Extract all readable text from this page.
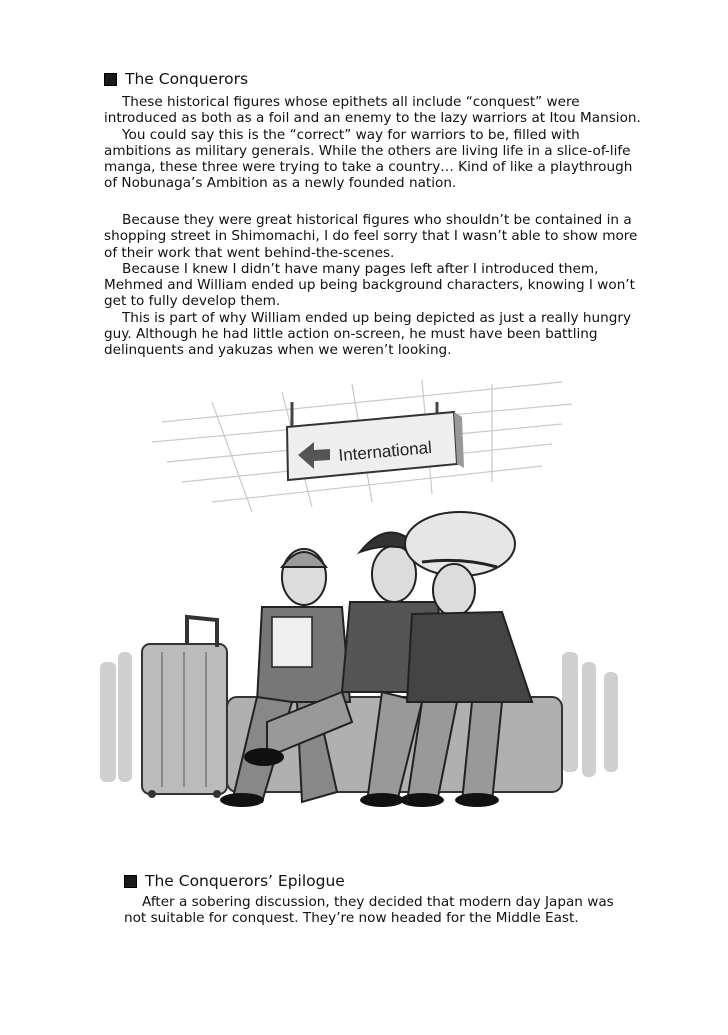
The Conquerors

These historical figures whose epithets all include “conquest” were

introduced as both as a foil and an enemy to the lazy warriors at Itou Mansion.

You could say this is the “correct” way for warriors to be, filled with

ambitions as military generals. While the others are living life in a slice-of-life

manga, these three were trying to take a country… Kind of like a playthrough

of Nobunaga’s Ambition as a newly founded nation.

Because they were great historical figures who shouldn’t be contained in a

shopping street in Shimomachi, I do feel sorry that I wasn’t able to show more

of their work that went behind-the-scenes.

Because I knew I didn’t have many pages left after I introduced them,

Mehmed and William ended up being background characters, knowing I won’t

get to fully develop them.

This is part of why William ended up being depicted as just a really hungry

guy. Although he had little action on-screen, he must have been battling

delinquents and yakuzas when we weren’t looking.

International
The Conquerors’ Epilogue

After a sobering discussion, they decided that modern day Japan was

not suitable for conquest. They’re now headed for the Middle East.
